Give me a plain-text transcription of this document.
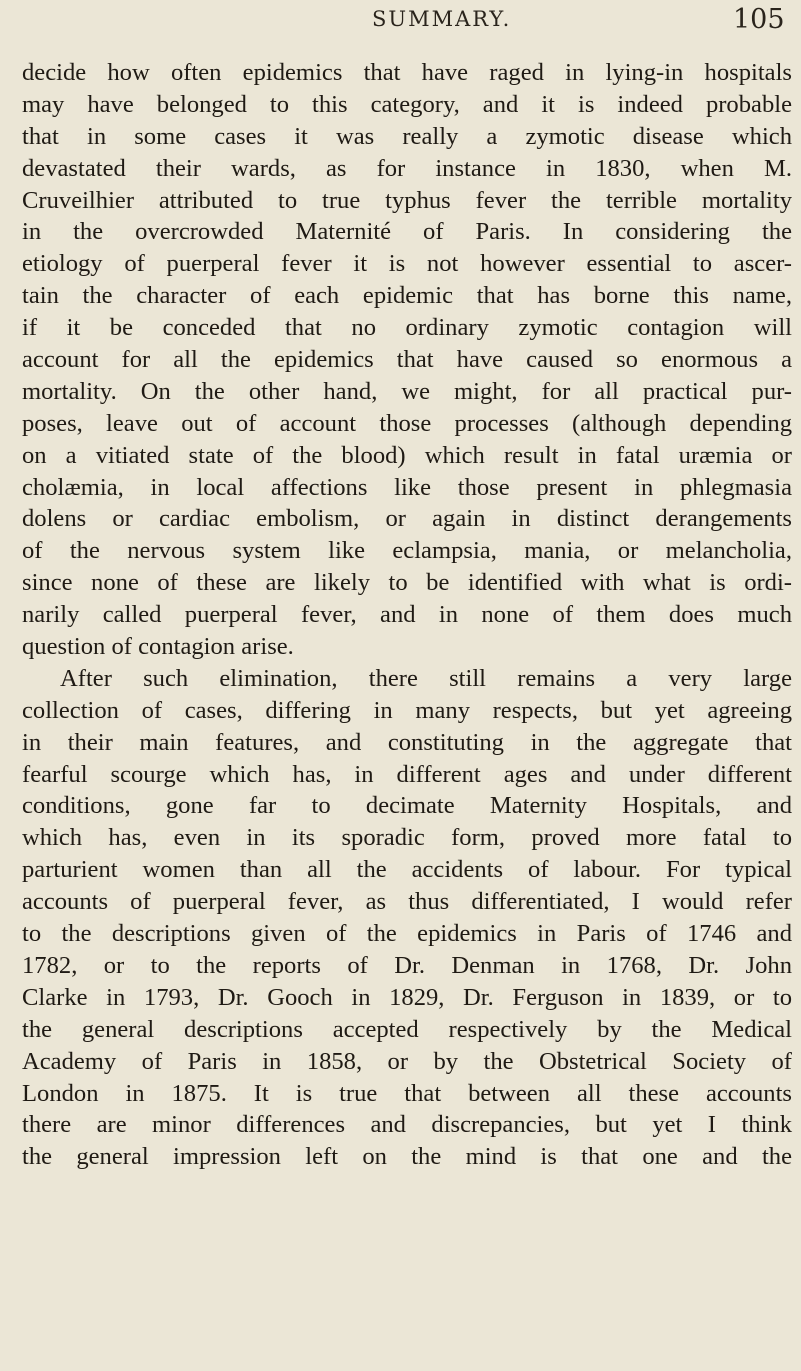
SUMMARY.	105
decide how often epidemics that have raged in lying-in hospitals
may have belonged to this category, and it is indeed probable
that in some cases it was really a zymotic disease which
devastated their wards, as for instance in 1830, when M.
Cruveilhier attributed to true typhus fever the terrible mortality
in the overcrowded Maternité of Paris. In considering the
etiology of puerperal fever it is not however essential to ascer-
tain the character of each epidemic that has borne this name,
if it be conceded that no ordinary zymotic contagion will
account for all the epidemics that have caused so enormous a
mortality. On the other hand, we might, for all practical pur-
poses, leave out of account those processes (although depending
on a vitiated state of the blood) which result in fatal uræmia or
cholæmia, in local affections like those present in phlegmasia
dolens or cardiac embolism, or again in distinct derangements
of the nervous system like eclampsia, mania, or melancholia,
since none of these are likely to be identified with what is ordi-
narily called puerperal fever, and in none of them does much
question of contagion arise.
After such elimination, there still remains a very large
collection of cases, differing in many respects, but yet agreeing
in their main features, and constituting in the aggregate that
fearful scourge which has, in different ages and under different
conditions, gone far to decimate Maternity Hospitals, and
which has, even in its sporadic form, proved more fatal to
parturient women than all the accidents of labour. For typical
accounts of puerperal fever, as thus differentiated, I would refer
to the descriptions given of the epidemics in Paris of 1746 and
1782, or to the reports of Dr. Denman in 1768, Dr. John
Clarke in 1793, Dr. Gooch in 1829, Dr. Ferguson in 1839, or to
the general descriptions accepted respectively by the Medical
Academy of Paris in 1858, or by the Obstetrical Society of
London in 1875. It is true that between all these accounts
there are minor differences and discrepancies, but yet I think
the general impression left on the mind is that one and the
